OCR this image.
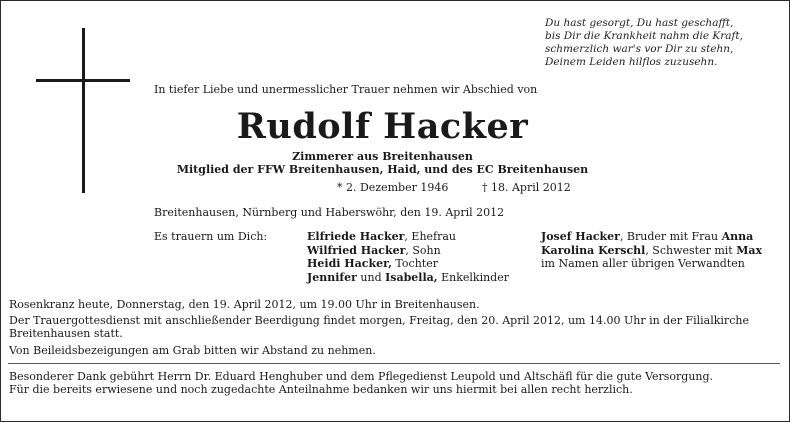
Du hast gesorgt, Du hast geschafft,
bis Dir die Krankheit nahm die Kraft,
schmerzlich war's vor Dir zu stehn,
Deinem Leiden hilflos zuzusehn.
In tiefer Liebe und unermesslicher Trauer nehmen wir Abschied von
Rudolf Hacker
Zimmerer aus Breitenhausen
Mitglied der FFW Breitenhausen, Haid, und des EC Breitenhausen
* 2. Dezember 1946	† 18. April 2012
Breitenhausen, Nürnberg und Haberswöhr, den 19. April 2012
Es trauern um Dich:	Elfriede Hacker, Ehefrau
Wilfried Hacker, Sohn
Heidi Hacker, Tochter
Jennifer und Isabella, Enkelkinder
Josef Hacker, Bruder mit Frau Anna
Karolina Kerschl, Schwester mit Max
im Namen aller übrigen Verwandten
Rosenkranz heute, Donnerstag, den 19. April 2012, um 19.00 Uhr in Breitenhausen.
Der Trauergottesdienst mit anschließender Beerdigung findet morgen, Freitag, den 20. April 2012, um 14.00 Uhr in der Filialkirche Breitenhausen statt.
Von Beileidsbezeigungen am Grab bitten wir Abstand zu nehmen.
Besonderer Dank gebührt Herrn Dr. Eduard Henghuber und dem Pflegedienst Leupold und Altschäfl für die gute Versorgung.
Für die bereits erwiesene und noch zugedachte Anteilnahme bedanken wir uns hiermit bei allen recht herzlich.
